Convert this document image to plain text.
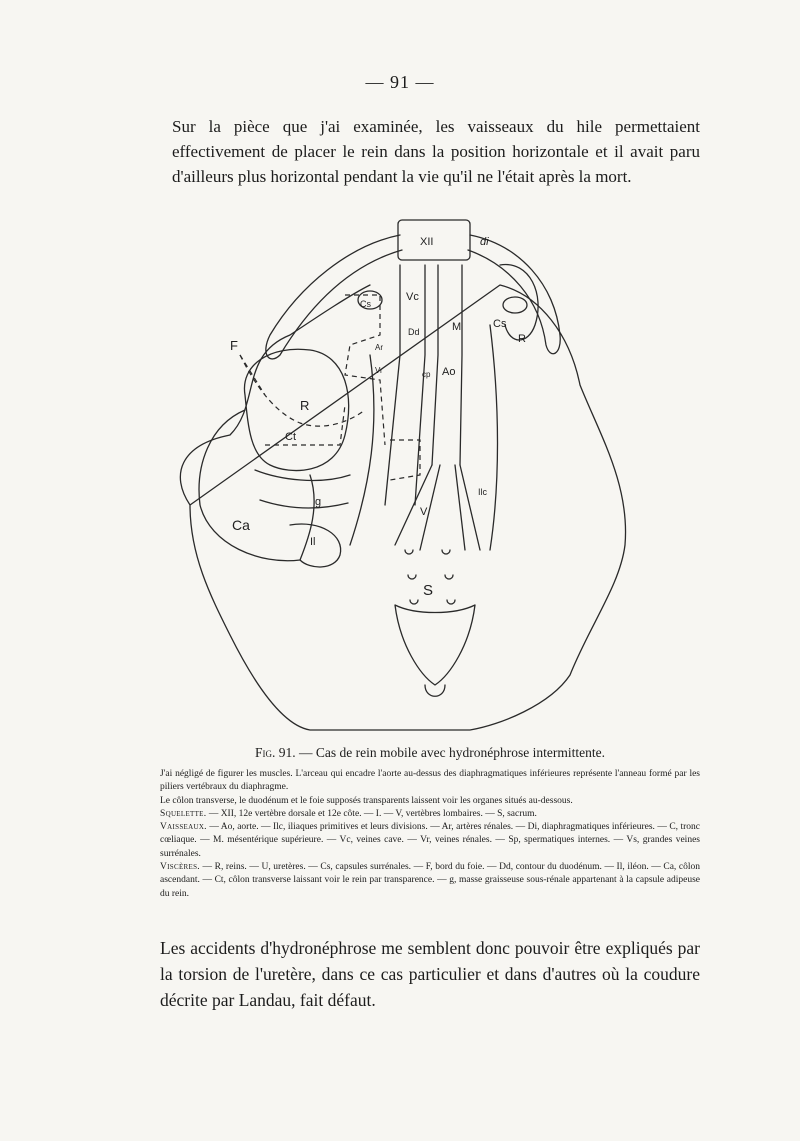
— 91 —

Sur la pièce que j'ai examinée, les vaisseaux du hile permettaient effectivement de placer le rein dans la position horizontale et il avait paru d'ailleurs plus horizontal pendant la vie qu'il ne l'était après la mort.

XII	di
Vc
Cs
Cs
Dd	M
Ar
Vr	cp Ao
R
F
R
Ct
g
Ilc
V
Ca
Il
S
Fig. 91. — Cas de rein mobile avec hydronéphrose intermittente.

J'ai négligé de figurer les muscles. L'arceau qui encadre l'aorte au-dessus des diaphragmatiques inférieures représente l'anneau formé par les piliers vertébraux du diaphragme.

Le côlon transverse, le duodénum et le foie supposés transparents laissent voir les organes situés au-dessous.

Squelette. — XII, 12e vertèbre dorsale et 12e côte. — I. — V, vertèbres lombaires. — S, sacrum.

Vaisseaux. — Ao, aorte. — Ilc, iliaques primitives et leurs divisions. — Ar, artères rénales. — Di, diaphragmatiques inférieures. — C, tronc cœliaque. — M. mésentérique supérieure. — Vc, veines cave. — Vr, veines rénales. — Sp, spermatiques internes. — Vs, grandes veines surrénales.

Viscères. — R, reins. — U, uretères. — Cs, capsules surrénales. — F, bord du foie. — Dd, contour du duodénum. — Il, iléon. — Ca, côlon ascendant. — Ct, côlon transverse laissant voir le rein par transparence. — g, masse graisseuse sous-rénale appartenant à la capsule adipeuse du rein.

Les accidents d'hydronéphrose me semblent donc pouvoir être expliqués par la torsion de l'uretère, dans ce cas particulier et dans d'autres où la coudure décrite par Landau, fait défaut.
